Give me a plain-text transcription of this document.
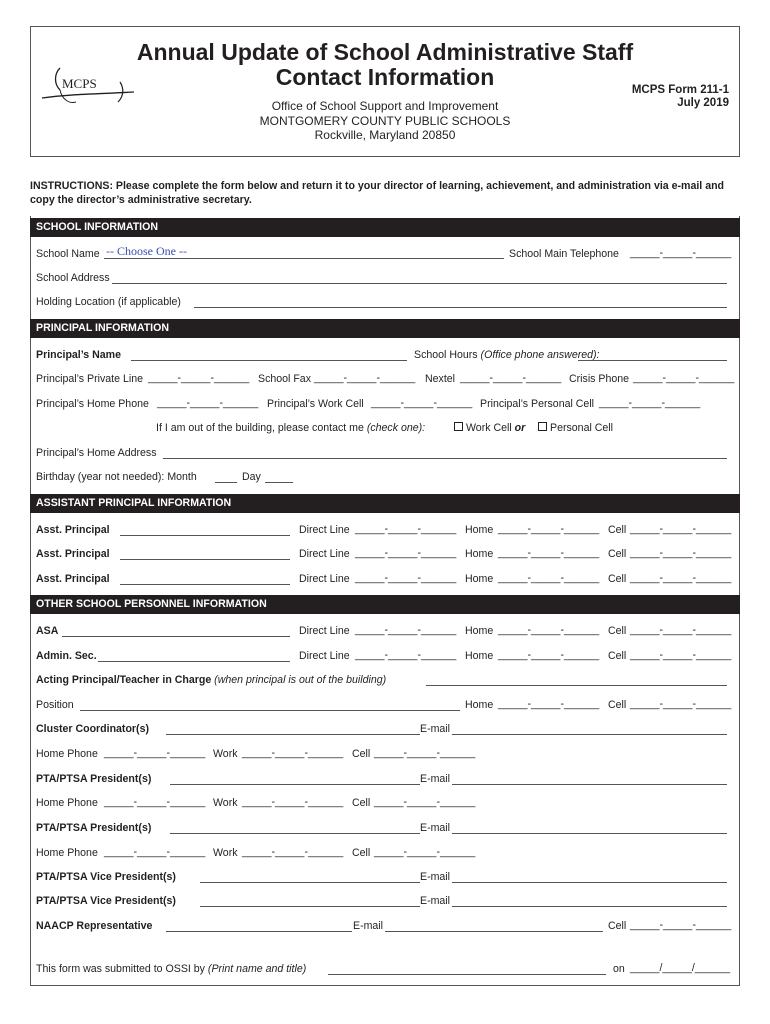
MCPS
Annual Update of School Administrative Staff
Contact Information
Office of School Support and Improvement
MONTGOMERY COUNTY PUBLIC SCHOOLS
Rockville, Maryland 20850
MCPS Form 211-1
July 2019
INSTRUCTIONS: Please complete the form below and return it to your director of learning, achievement, and administration via e-mail and copy the director’s administrative secretary.
SCHOOL INFORMATION
School Name -- Choose One --	School Main Telephone _____-_____-______
School Address
Holding Location (if applicable)
PRINCIPAL INFORMATION
Principal’s Name	School Hours (Office phone answered):
Principal’s Private Line _____-_____-______ School Fax _____-_____-______ Nextel _____-_____-______ Crisis Phone _____-_____-______
Principal’s Home Phone _____-_____-______ Principal’s Work Cell _____-_____-______ Principal’s Personal Cell _____-_____-______
If I am out of the building, please contact me (check one):	Work Cell or	Personal Cell
Principal’s Home Address
Birthday (year not needed): Month	Day
ASSISTANT PRINCIPAL INFORMATION
Asst. Principal	Direct Line _____-_____-______ Home _____-_____-______ Cell _____-_____-______
Asst. Principal	Direct Line _____-_____-______ Home _____-_____-______ Cell _____-_____-______
Asst. Principal	Direct Line _____-_____-______ Home _____-_____-______ Cell _____-_____-______
OTHER SCHOOL PERSONNEL INFORMATION
ASA	Direct Line _____-_____-______ Home _____-_____-______ Cell _____-_____-______
Admin. Sec.	Direct Line _____-_____-______ Home _____-_____-______ Cell _____-_____-______
Acting Principal/Teacher in Charge (when principal is out of the building)
Position	Home _____-_____-______ Cell _____-_____-______
Cluster Coordinator(s)	E-mail
Home Phone _____-_____-______ Work _____-_____-______ Cell _____-_____-______
PTA/PTSA President(s)	E-mail
Home Phone _____-_____-______ Work _____-_____-______ Cell _____-_____-______
PTA/PTSA President(s)	E-mail
Home Phone _____-_____-______ Work _____-_____-______ Cell _____-_____-______
PTA/PTSA Vice President(s)	E-mail
PTA/PTSA Vice President(s)	E-mail
NAACP Representative	E-mail	Cell _____-_____-______
This form was submitted to OSSI by (Print name and title)	on _____/_____/______
